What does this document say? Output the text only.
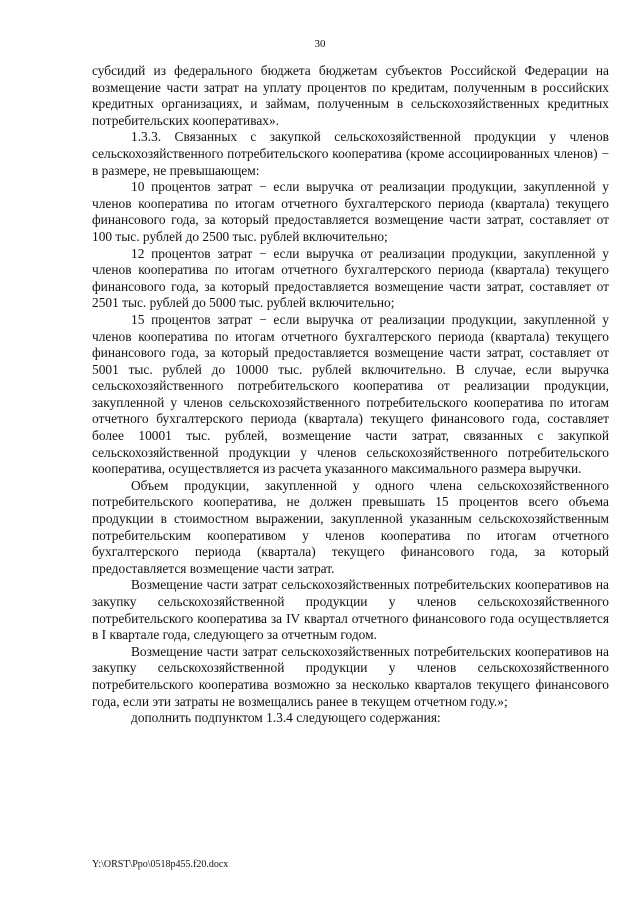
30

субсидий из федерального бюджета бюджетам субъектов Российской Федерации на возмещение части затрат на уплату процентов по кредитам, полученным в российских кредитных организациях, и займам, полученным в сельскохозяйственных кредитных потребительских кооперативах».

1.3.3. Связанных с закупкой сельскохозяйственной продукции у членов сельскохозяйственного потребительского кооператива (кроме ассоциированных членов) − в размере, не превышающем:

10 процентов затрат − если выручка от реализации продукции, закупленной у членов кооператива по итогам отчетного бухгалтерского периода (квартала) текущего финансового года, за который предоставляется возмещение части затрат, составляет от 100 тыс. рублей до 2500 тыс. рублей включительно;

12 процентов затрат − если выручка от реализации продукции, закупленной у членов кооператива по итогам отчетного бухгалтерского периода (квартала) текущего финансового года, за который предоставляется возмещение части затрат, составляет от 2501 тыс. рублей до 5000 тыс. рублей включительно;

15 процентов затрат − если выручка от реализации продукции, закупленной у членов кооператива по итогам отчетного бухгалтерского периода (квартала) текущего финансового года, за который предоставляется возмещение части затрат, составляет от 5001 тыс. рублей до 10000 тыс. рублей включительно. В случае, если выручка сельскохозяйственного потребительского кооператива от реализации продукции, закупленной у членов сельскохозяйственного потребительского кооператива по итогам отчетного бухгалтерского периода (квартала) текущего финансового года, составляет более 10001 тыс. рублей, возмещение части затрат, связанных с закупкой сельскохозяйственной продукции у членов сельскохозяйственного потребительского кооператива, осуществляется из расчета указанного максимального размера выручки.

Объем продукции, закупленной у одного члена сельскохозяйственного потребительского кооператива, не должен превышать 15 процентов всего объема продукции в стоимостном выражении, закупленной указанным сельскохозяйственным потребительским кооперативом у членов кооператива по итогам отчетного бухгалтерского периода (квартала) текущего финансового года, за который предоставляется возмещение части затрат.

Возмещение части затрат сельскохозяйственных потребительских кооперативов на закупку сельскохозяйственной продукции у членов сельскохозяйственного потребительского кооператива за IV квартал отчетного финансового года осуществляется в I квартале года, следующего за отчетным годом.

Возмещение части затрат сельскохозяйственных потребительских кооперативов на закупку сельскохозяйственной продукции у членов сельскохозяйственного потребительского кооператива возможно за несколько кварталов текущего финансового года, если эти затраты не возмещались ранее в текущем отчетном году.»;

дополнить подпунктом 1.3.4 следующего содержания:

Y:\ORST\Ppo\0518p455.f20.docx
